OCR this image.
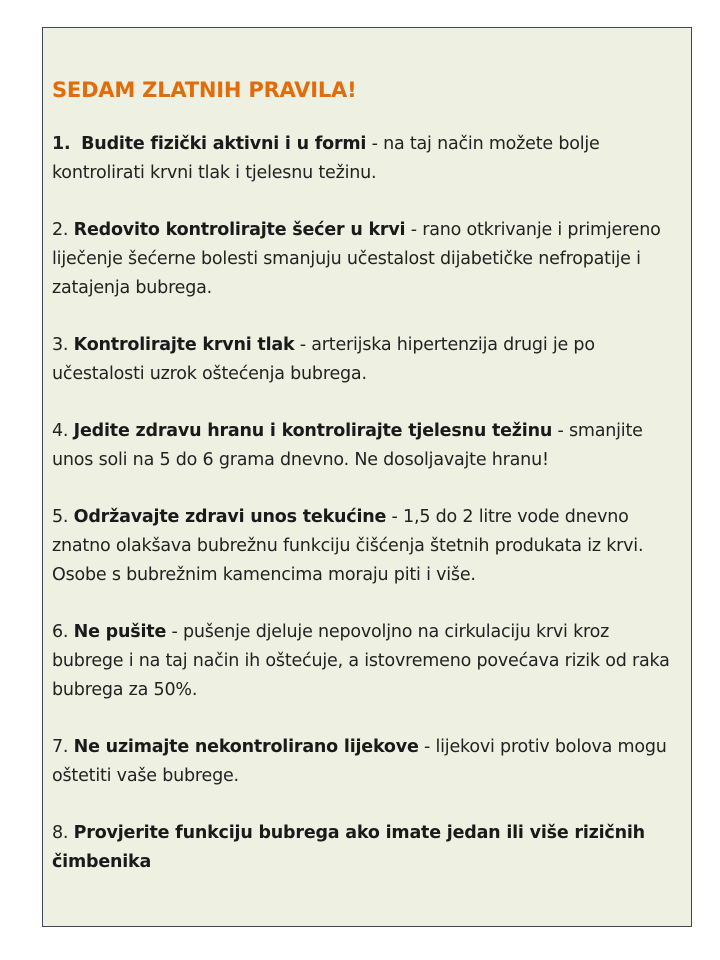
SEDAM ZLATNIH PRAVILA!
1. Budite fizički aktivni i u formi - na taj način možete bolje kontrolirati krvni tlak i tjelesnu težinu.
2. Redovito kontrolirajte šećer u krvi - rano otkrivanje i primjereno liječenje šećerne bolesti smanjuju učestalost dijabetičke nefropatije i zatajenja bubrega.
3. Kontrolirajte krvni tlak - arterijska hipertenzija drugi je po učestalosti uzrok oštećenja bubrega.
4. Jedite zdravu hranu i kontrolirajte tjelesnu težinu - smanjite unos soli na 5 do 6 grama dnevno. Ne dosoljavajte hranu!
5. Održavajte zdravi unos tekućine - 1,5 do 2 litre vode dnevno znatno olakšava bubrežnu funkciju čišćenja štetnih produkata iz krvi. Osobe s bubrežnim kamencima moraju piti i više.
6. Ne pušite - pušenje djeluje nepovoljno na cirkulaciju krvi kroz bubrege i na taj način ih oštećuje, a istovremeno povećava rizik od raka bubrega za 50%.
7. Ne uzimajte nekontrolirano lijekove - lijekovi protiv bolova mogu oštetiti vaše bubrege.
8. Provjerite funkciju bubrega ako imate jedan ili više rizičnih čimbenika
